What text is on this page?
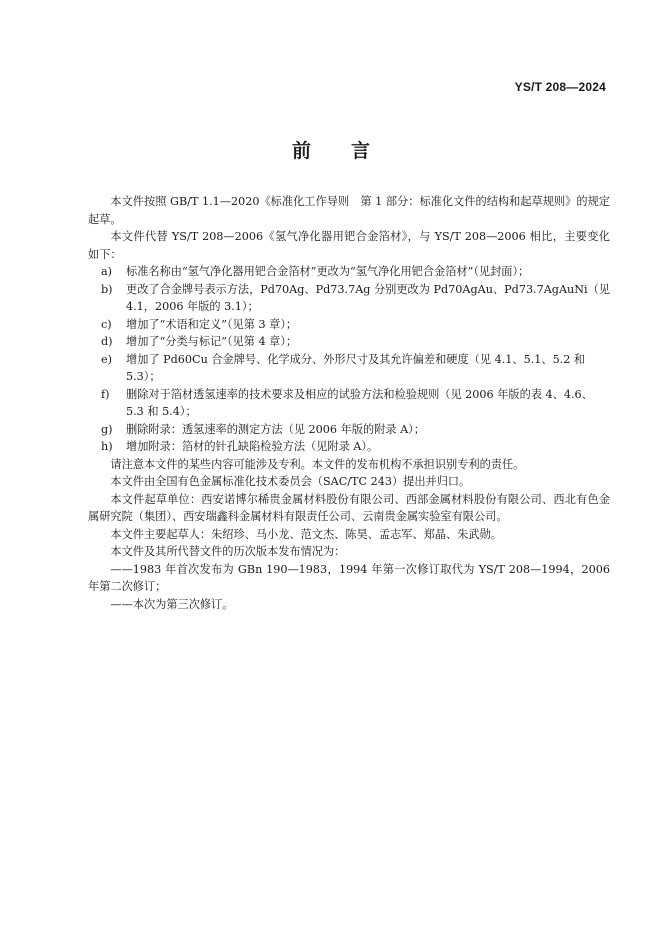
YS/T 208—2024
前言

本文件按照 GB/T 1.1—2020《标准化工作导则　第 1 部分：标准化文件的结构和起草规则》的规定起草。

本文件代替 YS/T 208—2006《氢气净化器用钯合金箔材》，与 YS/T 208—2006 相比，主要变化如下：

a) 标准名称由“氢气净化器用钯合金箔材”更改为“氢气净化用钯合金箔材”（见封面）；
b) 更改了合金牌号表示方法，Pd70Ag、Pd73.7Ag 分别更改为 Pd70AgAu、Pd73.7AgAuNi（见 4.1，2006 年版的 3.1）；
c) 增加了“术语和定义”（见第 3 章）；
d) 增加了“分类与标记”（见第 4 章）；
e) 增加了 Pd60Cu 合金牌号、化学成分、外形尺寸及其允许偏差和硬度（见 4.1、5.1、5.2 和 5.3）；
f) 删除对于箔材透氢速率的技术要求及相应的试验方法和检验规则（见 2006 年版的表 4、4.6、5.3 和 5.4）；
g) 删除附录：透氢速率的测定方法（见 2006 年版的附录 A）；
h) 增加附录：箔材的针孔缺陷检验方法（见附录 A）。

请注意本文件的某些内容可能涉及专利。本文件的发布机构不承担识别专利的责任。

本文件由全国有色金属标准化技术委员会（SAC/TC 243）提出并归口。

本文件起草单位：西安诺博尔稀贵金属材料股份有限公司、西部金属材料股份有限公司、西北有色金属研究院（集团）、西安瑞鑫科金属材料有限责任公司、云南贵金属实验室有限公司。

本文件主要起草人：朱绍珍、马小龙、范文杰、陈昊、孟志军、郑晶、朱武勋。

本文件及其所代替文件的历次版本发布情况为：

——1983 年首次发布为 GBn 190—1983，1994 年第一次修订取代为 YS/T 208—1994，2006 年第二次修订；

——本次为第三次修订。
